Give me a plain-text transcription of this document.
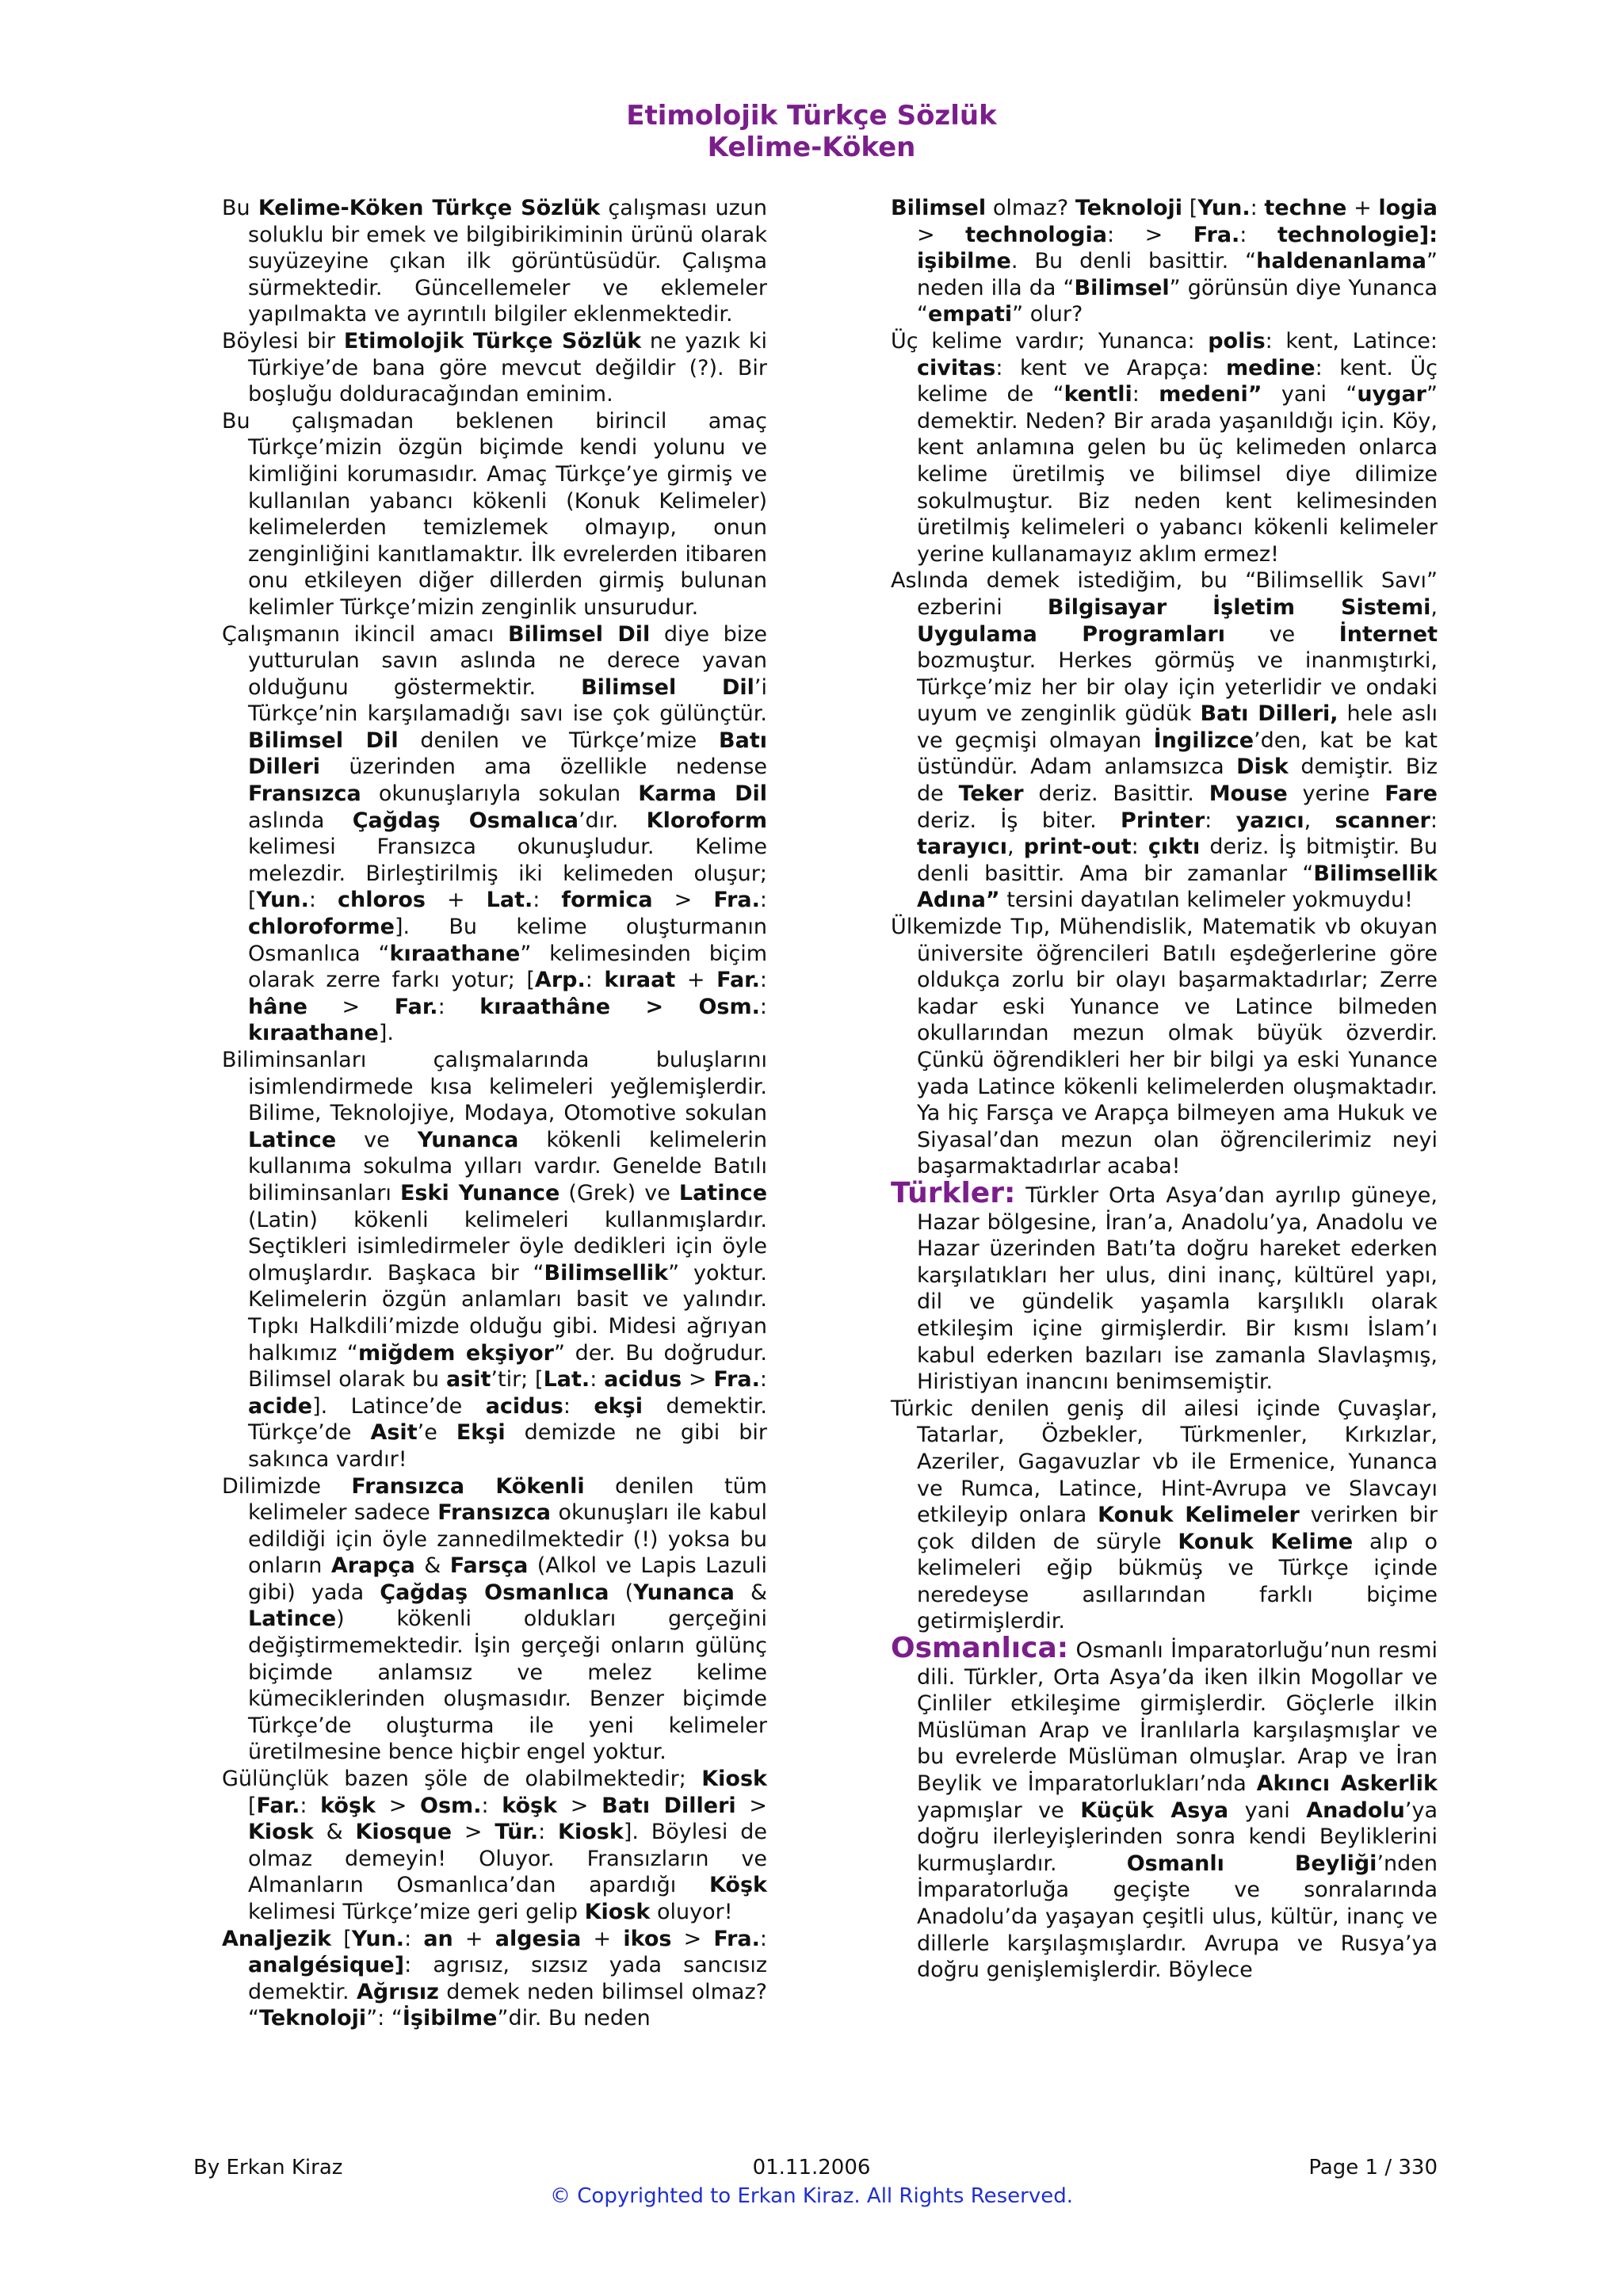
Etimolojik Türkçe Sözlük
Kelime-Köken

Bu Kelime-Köken Türkçe Sözlük çalışması uzun soluklu bir emek ve bilgibirikiminin ürünü olarak suyüzeyine çıkan ilk görüntüsüdür. Çalışma sürmektedir. Güncellemeler ve eklemeler yapılmakta ve ayrıntılı bilgiler eklenmektedir.

Böylesi bir Etimolojik Türkçe Sözlük ne yazık ki Türkiye’de bana göre mevcut değildir (?). Bir boşluğu dolduracağından eminim.

Bu çalışmadan beklenen birincil amaç Türkçe’mizin özgün biçimde kendi yolunu ve kimliğini korumasıdır. Amaç Türkçe’ye girmiş ve kullanılan yabancı kökenli (Konuk Kelimeler) kelimelerden temizlemek olmayıp, onun zenginliğini kanıtlamaktır. İlk evrelerden itibaren onu etkileyen diğer dillerden girmiş bulunan kelimler Türkçe’mizin zenginlik unsurudur.

Çalışmanın ikincil amacı Bilimsel Dil diye bize yutturulan savın aslında ne derece yavan olduğunu göstermektir. Bilimsel Dil’i Türkçe’nin karşılamadığı savı ise çok gülünçtür. Bilimsel Dil denilen ve Türkçe’mize Batı Dilleri üzerinden ama özellikle nedense Fransızca okunuşlarıyla sokulan Karma Dil aslında Çağdaş Osmalıca’dır. Kloroform kelimesi Fransızca okunuşludur. Kelime melezdir. Birleştirilmiş iki kelimeden oluşur; [Yun.: chloros + Lat.: formica > Fra.: chloroforme]. Bu kelime oluşturmanın Osmanlıca “kıraathane” kelimesinden biçim olarak zerre farkı yotur; [Arp.: kıraat + Far.: hâne > Far.: kıraathâne > Osm.: kıraathane].

Biliminsanları çalışmalarında buluşlarını isimlendirmede kısa kelimeleri yeğlemişlerdir. Bilime, Teknolojiye, Modaya, Otomotive sokulan Latince ve Yunanca kökenli kelimelerin kullanıma sokulma yılları vardır. Genelde Batılı biliminsanları Eski Yunance (Grek) ve Latince (Latin) kökenli kelimeleri kullanmışlardır. Seçtikleri isimledirmeler öyle dedikleri için öyle olmuşlardır. Başkaca bir “Bilimsellik” yoktur. Kelimelerin özgün anlamları basit ve yalındır. Tıpkı Halkdili’mizde olduğu gibi. Midesi ağrıyan halkımız “miğdem ekşiyor” der. Bu doğrudur. Bilimsel olarak bu asit’tir; [Lat.: acidus > Fra.: acide]. Latince’de acidus: ekşi demektir. Türkçe’de Asit’e Ekşi demizde ne gibi bir sakınca vardır!

Dilimizde Fransızca Kökenli denilen tüm kelimeler sadece Fransızca okunuşları ile kabul edildiği için öyle zannedilmektedir (!) yoksa bu onların Arapça & Farsça (Alkol ve Lapis Lazuli gibi) yada Çağdaş Osmanlıca (Yunanca & Latince) kökenli oldukları gerçeğini değiştirmemektedir. İşin gerçeği onların gülünç biçimde anlamsız ve melez kelime kümeciklerinden oluşmasıdır. Benzer biçimde Türkçe’de oluşturma ile yeni kelimeler üretilmesine bence hiçbir engel yoktur.

Gülünçlük bazen şöle de olabilmektedir; Kiosk [Far.: köşk > Osm.: köşk > Batı Dilleri > Kiosk & Kiosque > Tür.: Kiosk]. Böylesi de olmaz demeyin! Oluyor. Fransızların ve Almanların Osmanlıca’dan apardığı Köşk kelimesi Türkçe’mize geri gelip Kiosk oluyor!

Analjezik [Yun.: an + algesia + ikos > Fra.: analgésique]: agrısız, sızsız yada sancısız demektir. Ağrısız demek neden bilimsel olmaz? “Teknoloji”: “İşibilme”dir. Bu neden

Bilimsel olmaz? Teknoloji [Yun.: techne + logia > technologia: > Fra.: technologie]: işibilme. Bu denli basittir. “haldenanlama” neden illa da “Bilimsel” görünsün diye Yunanca “empati” olur?

Üç kelime vardır; Yunanca: polis: kent, Latince: civitas: kent ve Arapça: medine: kent. Üç kelime de “kentli: medeni” yani “uygar” demektir. Neden? Bir arada yaşanıldığı için. Köy, kent anlamına gelen bu üç kelimeden onlarca kelime üretilmiş ve bilimsel diye dilimize sokulmuştur. Biz neden kent kelimesinden üretilmiş kelimeleri o yabancı kökenli kelimeler yerine kullanamayız aklım ermez!

Aslında demek istediğim, bu “Bilimsellik Savı” ezberini Bilgisayar İşletim Sistemi, Uygulama Programları ve İnternet bozmuştur. Herkes görmüş ve inanmıştırki, Türkçe’miz her bir olay için yeterlidir ve ondaki uyum ve zenginlik güdük Batı Dilleri, hele aslı ve geçmişi olmayan İngilizce’den, kat be kat üstündür. Adam anlamsızca Disk demiştir. Biz de Teker deriz. Basittir. Mouse yerine Fare deriz. İş biter. Printer: yazıcı, scanner: tarayıcı, print-out: çıktı deriz. İş bitmiştir. Bu denli basittir. Ama bir zamanlar “Bilimsellik Adına” tersini dayatılan kelimeler yokmuydu!

Ülkemizde Tıp, Mühendislik, Matematik vb okuyan üniversite öğrencileri Batılı eşdeğerlerine göre oldukça zorlu bir olayı başarmaktadırlar; Zerre kadar eski Yunance ve Latince bilmeden okullarından mezun olmak büyük özverdir. Çünkü öğrendikleri her bir bilgi ya eski Yunance yada Latince kökenli kelimelerden oluşmaktadır. Ya hiç Farsça ve Arapça bilmeyen ama Hukuk ve Siyasal’dan mezun olan öğrencilerimiz neyi başarmaktadırlar acaba!

Türkler: Türkler Orta Asya’dan ayrılıp güneye, Hazar bölgesine, İran’a, Anadolu’ya, Anadolu ve Hazar üzerinden Batı’ta doğru hareket ederken karşılatıkları her ulus, dini inanç, kültürel yapı, dil ve gündelik yaşamla karşılıklı olarak etkileşim içine girmişlerdir. Bir kısmı İslam’ı kabul ederken bazıları ise zamanla Slavlaşmış, Hiristiyan inancını benimsemiştir.

Türkic denilen geniş dil ailesi içinde Çuvaşlar, Tatarlar, Özbekler, Türkmenler, Kırkızlar, Azeriler, Gagavuzlar vb ile Ermenice, Yunanca ve Rumca, Latince, Hint-Avrupa ve Slavcayı etkileyip onlara Konuk Kelimeler verirken bir çok dilden de süryle Konuk Kelime alıp o kelimeleri eğip bükmüş ve Türkçe içinde neredeyse asıllarından farklı biçime getirmişlerdir.

Osmanlıca: Osmanlı İmparatorluğu’nun resmi dili. Türkler, Orta Asya’da iken ilkin Mogollar ve Çinliler etkileşime girmişlerdir. Göçlerle ilkin Müslüman Arap ve İranlılarla karşılaşmışlar ve bu evrelerde Müslüman olmuşlar. Arap ve İran Beylik ve İmparatorlukları’nda Akıncı Askerlik yapmışlar ve Küçük Asya yani Anadolu’ya doğru ilerleyişlerinden sonra kendi Beyliklerini kurmuşlardır. Osmanlı Beyliği’nden İmparatorluğa geçişte ve sonralarında Anadolu’da yaşayan çeşitli ulus, kültür, inanç ve dillerle karşılaşmışlardır. Avrupa ve Rusya’ya doğru genişlemişlerdir. Böylece

By Erkan Kiraz	01.11.2006	Page 1 / 330
© Copyrighted to Erkan Kiraz. All Rights Reserved.
